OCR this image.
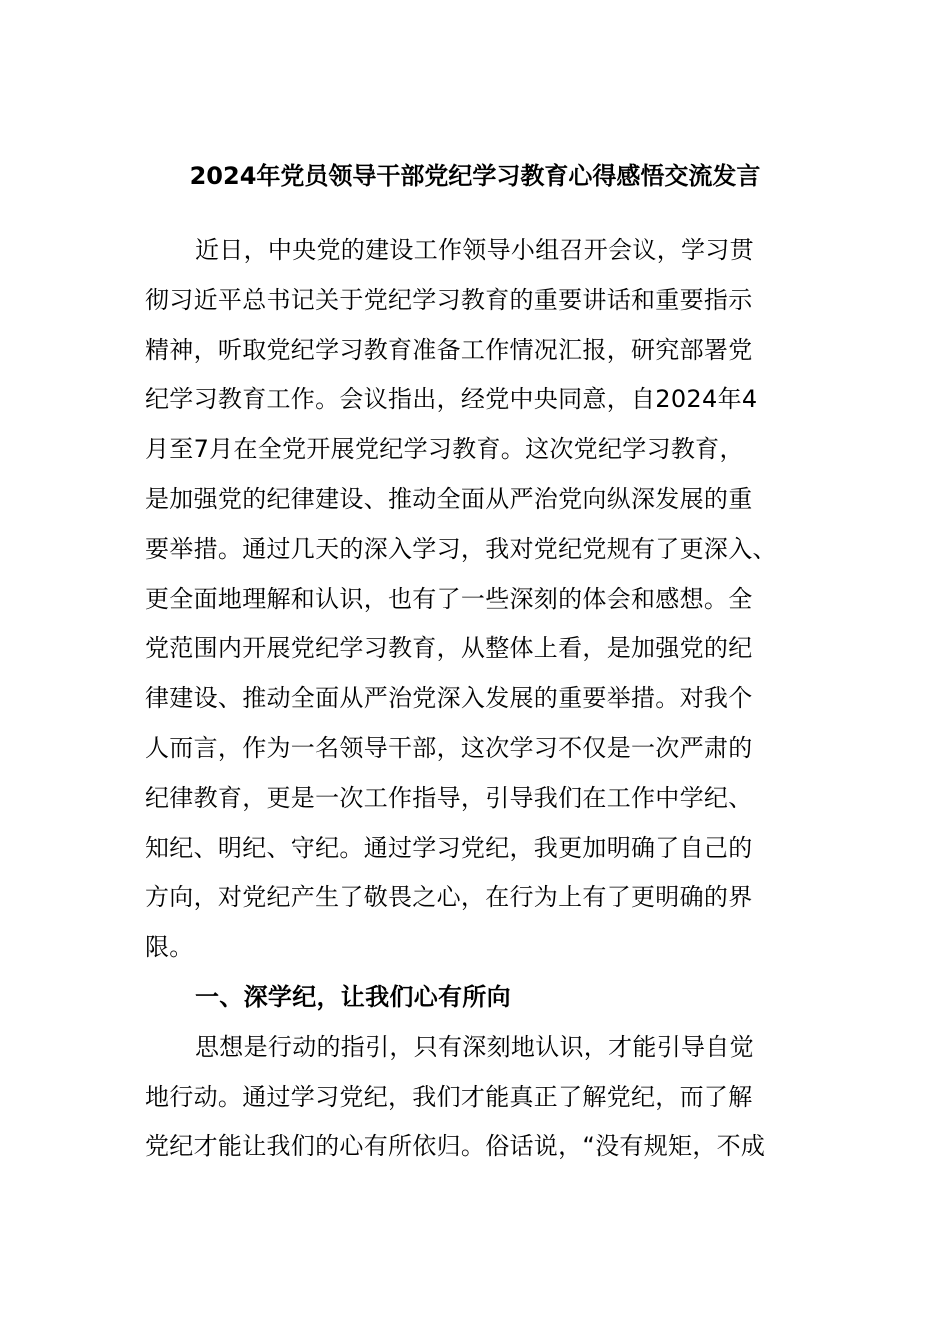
2024年党员领导干部党纪学习教育心得感悟交流发言
近日，中央党的建设工作领导小组召开会议，学习贯
彻习近平总书记关于党纪学习教育的重要讲话和重要指示
精神，听取党纪学习教育准备工作情况汇报，研究部署党
纪学习教育工作。会议指出，经党中央同意，自2024年4
月至7月在全党开展党纪学习教育。这次党纪学习教育，
是加强党的纪律建设、推动全面从严治党向纵深发展的重
要举措。通过几天的深入学习，我对党纪党规有了更深入、
更全面地理解和认识，也有了一些深刻的体会和感想。全
党范围内开展党纪学习教育，从整体上看，是加强党的纪
律建设、推动全面从严治党深入发展的重要举措。对我个
人而言，作为一名领导干部，这次学习不仅是一次严肃的
纪律教育，更是一次工作指导，引导我们在工作中学纪、
知纪、明纪、守纪。通过学习党纪，我更加明确了自己的
方向，对党纪产生了敬畏之心，在行为上有了更明确的界
限。
一、深学纪，让我们心有所向
思想是行动的指引，只有深刻地认识，才能引导自觉
地行动。通过学习党纪，我们才能真正了解党纪，而了解
党纪才能让我们的心有所依归。俗话说，“没有规矩，不成
